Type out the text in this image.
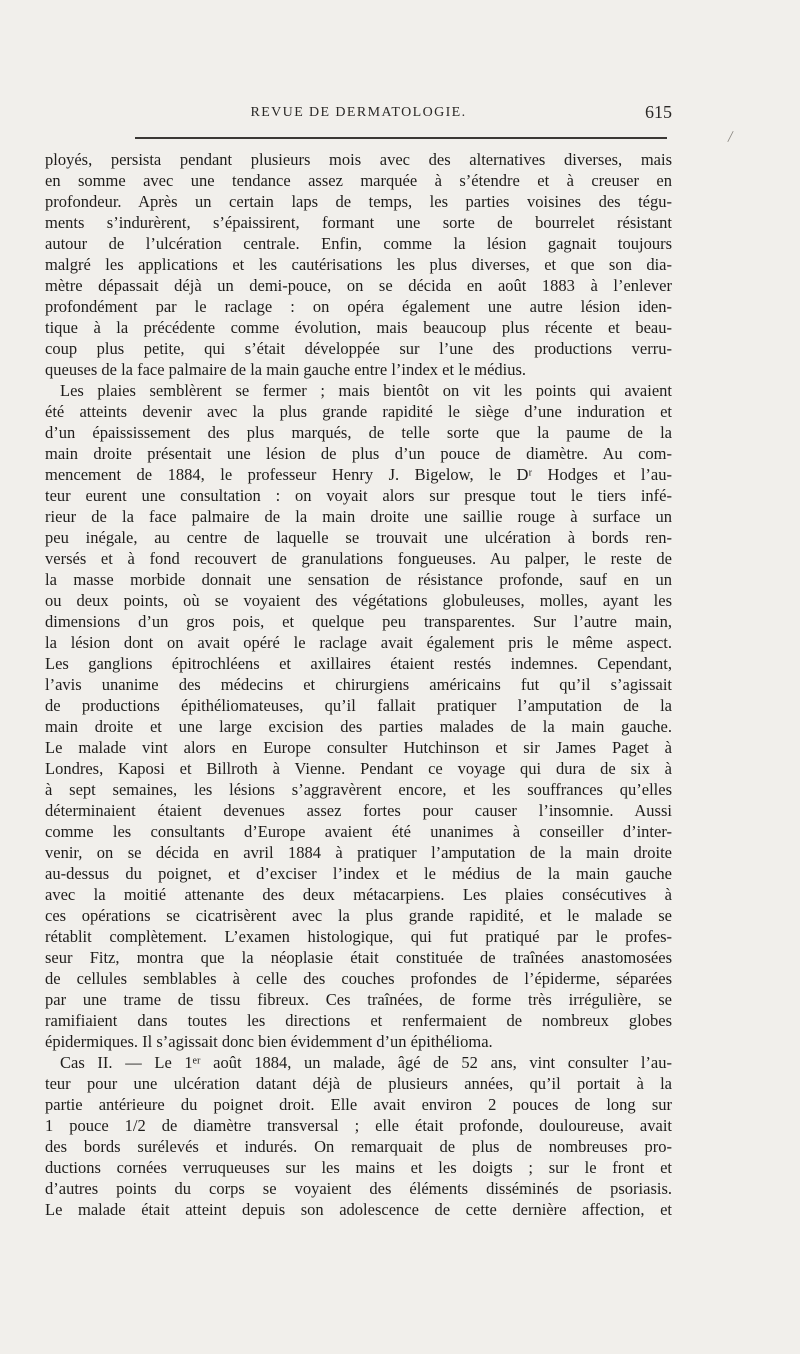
REVUE DE DERMATOLOGIE.	615
/
ployés, persista pendant plusieurs mois avec des alternatives diverses, mais
en somme avec une tendance assez marquée à s’étendre et à creuser en
profondeur. Après un certain laps de temps, les parties voisines des tégu-
ments s’indurèrent, s’épaissirent, formant une sorte de bourrelet résistant
autour de l’ulcération centrale. Enfin, comme la lésion gagnait toujours
malgré les applications et les cautérisations les plus diverses, et que son dia-
mètre dépassait déjà un demi-pouce, on se décida en août 1883 à l’enlever
profondément par le raclage : on opéra également une autre lésion iden-
tique à la précédente comme évolution, mais beaucoup plus récente et beau-
coup plus petite, qui s’était développée sur l’une des productions verru-
queuses de la face palmaire de la main gauche entre l’index et le médius.
Les plaies semblèrent se fermer ; mais bientôt on vit les points qui avaient
été atteints devenir avec la plus grande rapidité le siège d’une induration et
d’un épaississement des plus marqués, de telle sorte que la paume de la
main droite présentait une lésion de plus d’un pouce de diamètre. Au com-
mencement de 1884, le professeur Henry J. Bigelow, le Dʳ Hodges et l’au-
teur eurent une consultation : on voyait alors sur presque tout le tiers infé-
rieur de la face palmaire de la main droite une saillie rouge à surface un
peu inégale, au centre de laquelle se trouvait une ulcération à bords ren-
versés et à fond recouvert de granulations fongueuses. Au palper, le reste de
la masse morbide donnait une sensation de résistance profonde, sauf en un
ou deux points, où se voyaient des végétations globuleuses, molles, ayant les
dimensions d’un gros pois, et quelque peu transparentes. Sur l’autre main,
la lésion dont on avait opéré le raclage avait également pris le même aspect.
Les ganglions épitrochléens et axillaires étaient restés indemnes. Cependant,
l’avis unanime des médecins et chirurgiens américains fut qu’il s’agissait
de productions épithéliomateuses, qu’il fallait pratiquer l’amputation de la
main droite et une large excision des parties malades de la main gauche.
Le malade vint alors en Europe consulter Hutchinson et sir James Paget à
Londres, Kaposi et Billroth à Vienne. Pendant ce voyage qui dura de six à
à sept semaines, les lésions s’aggravèrent encore, et les souffrances qu’elles
déterminaient étaient devenues assez fortes pour causer l’insomnie. Aussi
comme les consultants d’Europe avaient été unanimes à conseiller d’inter-
venir, on se décida en avril 1884 à pratiquer l’amputation de la main droite
au-dessus du poignet, et d’exciser l’index et le médius de la main gauche
avec la moitié attenante des deux métacarpiens. Les plaies consécutives à
ces opérations se cicatrisèrent avec la plus grande rapidité, et le malade se
rétablit complètement. L’examen histologique, qui fut pratiqué par le profes-
seur Fitz, montra que la néoplasie était constituée de traînées anastomosées
de cellules semblables à celle des couches profondes de l’épiderme, séparées
par une trame de tissu fibreux. Ces traînées, de forme très irrégulière, se
ramifiaient dans toutes les directions et renfermaient de nombreux globes
épidermiques. Il s’agissait donc bien évidemment d’un épithélioma.
Cas II. — Le 1ᵉʳ août 1884, un malade, âgé de 52 ans, vint consulter l’au-
teur pour une ulcération datant déjà de plusieurs années, qu’il portait à la
partie antérieure du poignet droit. Elle avait environ 2 pouces de long sur
1 pouce 1/2 de diamètre transversal ; elle était profonde, douloureuse, avait
des bords surélevés et indurés. On remarquait de plus de nombreuses pro-
ductions cornées verruqueuses sur les mains et les doigts ; sur le front et
d’autres points du corps se voyaient des éléments disséminés de psoriasis.
Le malade était atteint depuis son adolescence de cette dernière affection, et
